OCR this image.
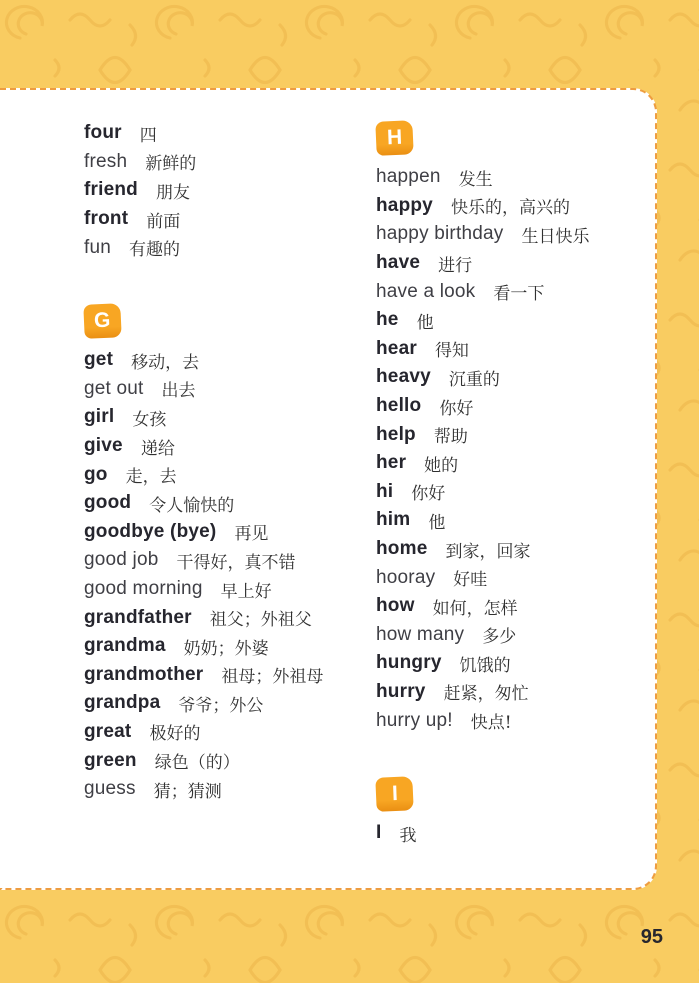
four 四
fresh 新鲜的
friend 朋友
front 前面
fun 有趣的
G
get 移动，去
get out 出去
girl 女孩
give 递给
go 走，去
good 令人愉快的
goodbye (bye) 再见
good job 干得好，真不错
good morning 早上好
grandfather 祖父；外祖父
grandma 奶奶；外婆
grandmother 祖母；外祖母
grandpa 爷爷；外公
great 极好的
green 绿色（的）
guess 猜；猜测
H
happen 发生
happy 快乐的，高兴的
happy birthday 生日快乐
have 进行
have a look 看一下
he 他
hear 得知
heavy 沉重的
hello 你好
help 帮助
her 她的
hi 你好
him 他
home 到家，回家
hooray 好哇
how 如何，怎样
how many 多少
hungry 饥饿的
hurry 赶紧，匆忙
hurry up! 快点!
I
I 我
95
